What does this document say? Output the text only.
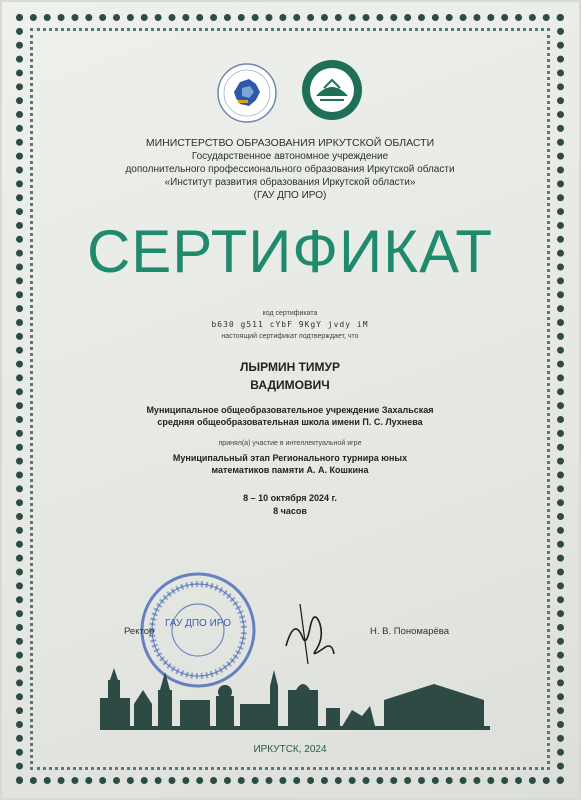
МИНИСТЕРСТВО ОБРАЗОВАНИЯ ИРКУТСКОЙ ОБЛАСТИ
Государственное автономное учреждение
дополнительного профессионального образования Иркутской области
«Институт развития образования Иркутской области»
(ГАУ ДПО ИРО)
СЕРТИФИКАТ
код сертификата
b630 g511 cYbF 9KgY jvdy iM
настоящий сертификат подтверждает, что
ЛЫРМИН ТИМУР
ВАДИМОВИЧ
Муниципальное общеобразовательное учреждение Захальская
средняя общеобразовательная школа имени П. С. Лухнева
принял(а) участие в интеллектуальной игре
Муниципальный этап Регионального турнира юных
математиков памяти А. А. Кошкина
8 – 10 октября 2024 г.
8 часов
ГАУ ДПО ИРО
Ректор	Н. В. Пономарёва
ИРКУТСК, 2024
